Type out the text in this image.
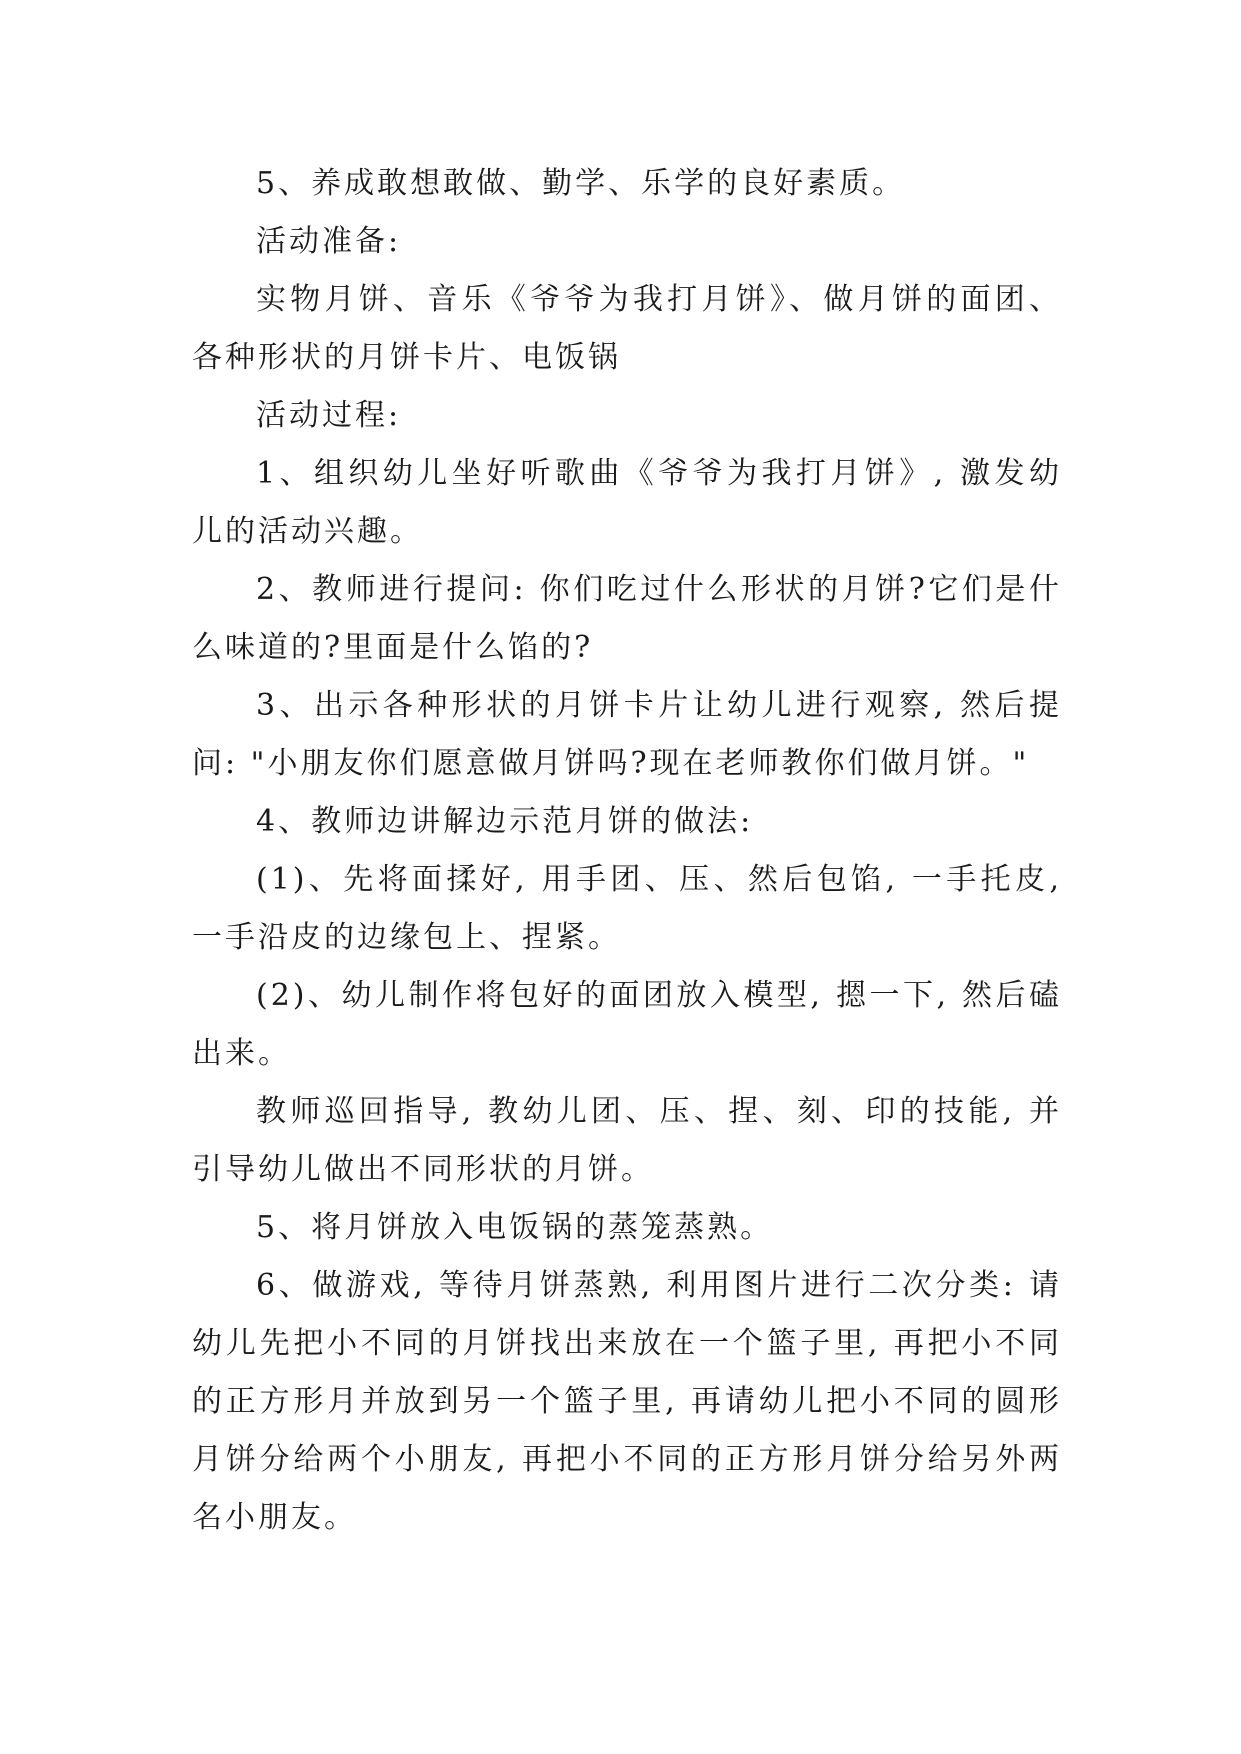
5、养成敢想敢做、勤学、乐学的良好素质。

活动准备:

实物月饼、音乐《爷爷为我打月饼》、做月饼的面团、各种形状的月饼卡片、电饭锅

活动过程:

1、组织幼儿坐好听歌曲《爷爷为我打月饼》, 激发幼儿的活动兴趣。

2、教师进行提问: 你们吃过什么形状的月饼?它们是什么味道的?里面是什么馅的?

3、出示各种形状的月饼卡片让幼儿进行观察, 然后提问: "小朋友你们愿意做月饼吗?现在老师教你们做月饼。"

4、教师边讲解边示范月饼的做法:

(1)、先将面揉好, 用手团、压、然后包馅, 一手托皮, 一手沿皮的边缘包上、捏紧。

(2)、幼儿制作将包好的面团放入模型, 摁一下, 然后磕出来。

教师巡回指导, 教幼儿团、压、捏、刻、印的技能, 并引导幼儿做出不同形状的月饼。

5、将月饼放入电饭锅的蒸笼蒸熟。

6、做游戏, 等待月饼蒸熟, 利用图片进行二次分类: 请幼儿先把小不同的月饼找出来放在一个篮子里, 再把小不同的正方形月并放到另一个篮子里, 再请幼儿把小不同的圆形月饼分给两个小朋友, 再把小不同的正方形月饼分给另外两名小朋友。
